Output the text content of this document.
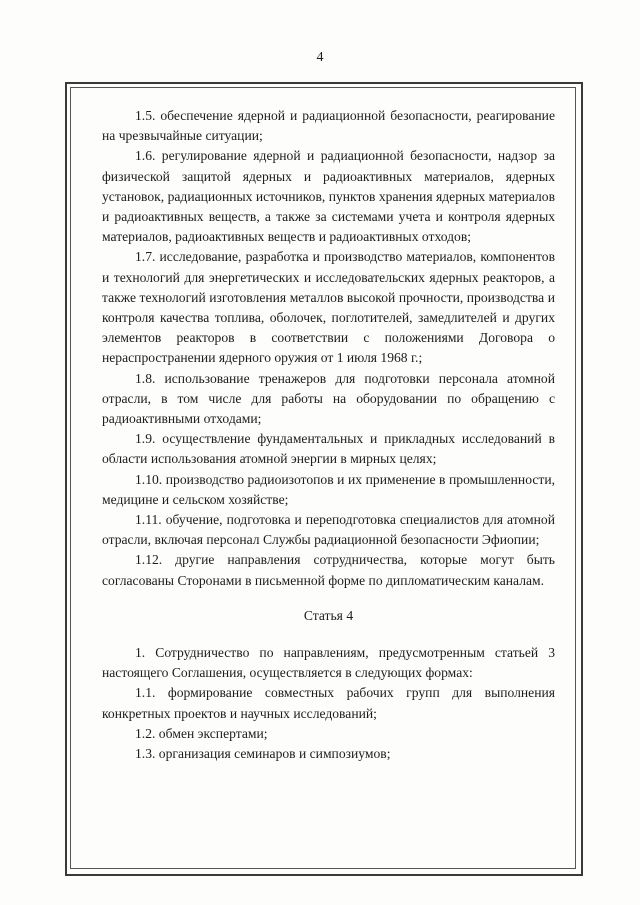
4

1.5. обеспечение ядерной и радиационной безопасности, реагирование на чрезвычайные ситуации;

1.6. регулирование ядерной и радиационной безопасности, надзор за физической защитой ядерных и радиоактивных материалов, ядерных установок, радиационных источников, пунктов хранения ядерных материалов и радиоактивных веществ, а также за системами учета и контроля ядерных материалов, радиоактивных веществ и радиоактивных отходов;

1.7. исследование, разработка и производство материалов, компонентов и технологий для энергетических и исследовательских ядерных реакторов, а также технологий изготовления металлов высокой прочности, производства и контроля качества топлива, оболочек, поглотителей, замедлителей и других элементов реакторов в соответствии с положениями Договора о нераспространении ядерного оружия от 1 июля 1968 г.;

1.8. использование тренажеров для подготовки персонала атомной отрасли, в том числе для работы на оборудовании по обращению с радиоактивными отходами;

1.9. осуществление фундаментальных и прикладных исследований в области использования атомной энергии в мирных целях;

1.10. производство радиоизотопов и их применение в промышленности, медицине и сельском хозяйстве;

1.11. обучение, подготовка и переподготовка специалистов для атомной отрасли, включая персонал Службы радиационной безопасности Эфиопии;

1.12. другие направления сотрудничества, которые могут быть согласованы Сторонами в письменной форме по дипломатическим каналам.

Статья 4

1. Сотрудничество по направлениям, предусмотренным статьей 3 настоящего Соглашения, осуществляется в следующих формах:

1.1. формирование совместных рабочих групп для выполнения конкретных проектов и научных исследований;

1.2. обмен экспертами;

1.3. организация семинаров и симпозиумов;
